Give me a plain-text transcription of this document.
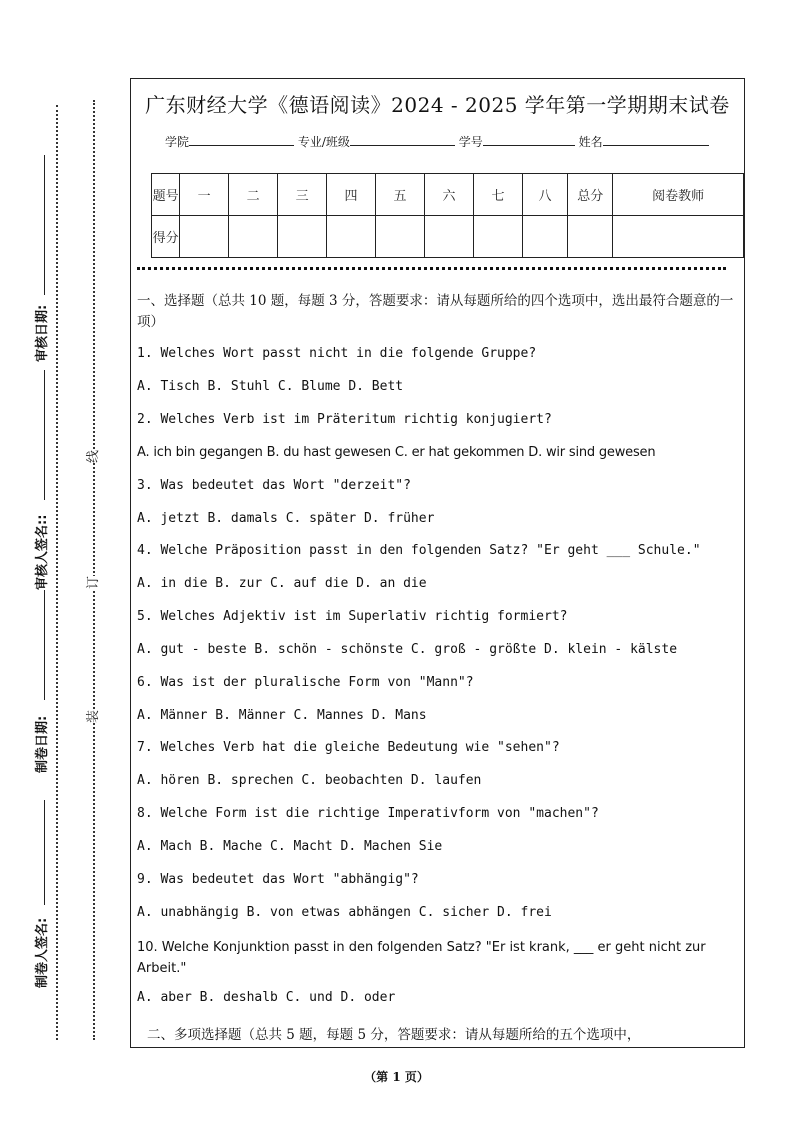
审核日期:
审核人签名::
制卷日期:
制卷人签名:
线
订
装
广东财经大学《德语阅读》2024 - 2025 学年第一学期期末试卷
学院	专业/班级	学号	姓名
题号	一	二	三	四	五	六	七	八	总分	阅卷教师
得分										
一、选择题（总共 10 题，每题 3 分，答题要求：请从每题所给的四个选项中，选出最符合题意的一项）
1. Welches Wort passt nicht in die folgende Gruppe?
A. Tisch B. Stuhl C. Blume D. Bett
2. Welches Verb ist im Präteritum richtig konjugiert?
A. ich bin gegangen B. du hast gewesen C. er hat gekommen D. wir sind gewesen
3. Was bedeutet das Wort "derzeit"?
A. jetzt B. damals C. später D. früher
4. Welche Präposition passt in den folgenden Satz? "Er geht ___ Schule."
A. in die B. zur C. auf die D. an die
5. Welches Adjektiv ist im Superlativ richtig formiert?
A. gut - beste B. schön - schönste C. groß - größte D. klein - kälste
6. Was ist der pluralische Form von "Mann"?
A. Männer B. Männer C. Mannes D. Mans
7. Welches Verb hat die gleiche Bedeutung wie "sehen"?
A. hören B. sprechen C. beobachten D. laufen
8. Welche Form ist die richtige Imperativform von "machen"?
A. Mach B. Mache C. Macht D. Machen Sie
9. Was bedeutet das Wort "abhängig"?
A. unabhängig B. von etwas abhängen C. sicher D. frei
10. Welche Konjunktion passt in den folgenden Satz? "Er ist krank, ___ er geht nicht zur Arbeit."
A. aber B. deshalb C. und D. oder
二、多项选择题（总共 5 题，每题 5 分，答题要求：请从每题所给的五个选项中，
（第 1 页）
